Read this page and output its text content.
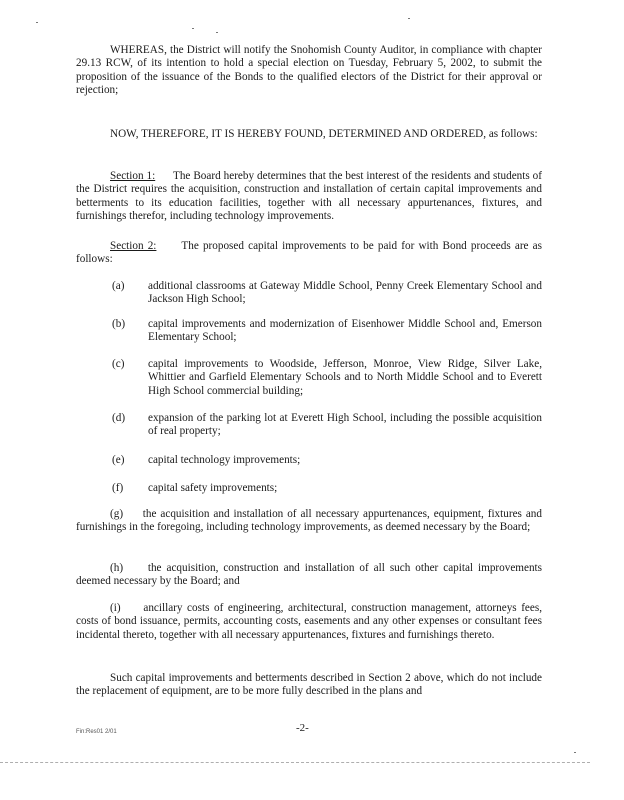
WHEREAS, the District will notify the Snohomish County Auditor, in compliance with chapter 29.13 RCW, of its intention to hold a special election on Tuesday, February 5, 2002, to submit the proposition of the issuance of the Bonds to the qualified electors of the District for their approval or rejection;

NOW, THEREFORE, IT IS HEREBY FOUND, DETERMINED AND ORDERED, as follows:

Section 1: The Board hereby determines that the best interest of the residents and students of the District requires the acquisition, construction and installation of certain capital improvements and betterments to its education facilities, together with all necessary appurtenances, fixtures, and furnishings therefor, including technology improvements.

Section 2: The proposed capital improvements to be paid for with Bond proceeds are as follows:

(a)	additional classrooms at Gateway Middle School, Penny Creek Elementary School and Jackson High School;
(b)	capital improvements and modernization of Eisenhower Middle School and, Emerson Elementary School;
(c)	capital improvements to Woodside, Jefferson, Monroe, View Ridge, Silver Lake, Whittier and Garfield Elementary Schools and to North Middle School and to Everett High School commercial building;
(d)	expansion of the parking lot at Everett High School, including the possible acquisition of real property;
(e)	capital technology improvements;
(f)	capital safety improvements;

(g) the acquisition and installation of all necessary appurtenances, equipment, fixtures and furnishings in the foregoing, including technology improvements, as deemed necessary by the Board;

(h) the acquisition, construction and installation of all such other capital improvements deemed necessary by the Board; and

(i) ancillary costs of engineering, architectural, construction management, attorneys fees, costs of bond issuance, permits, accounting costs, easements and any other expenses or consultant fees incidental thereto, together with all necessary appurtenances, fixtures and furnishings thereto.

Such capital improvements and betterments described in Section 2 above, which do not include the replacement of equipment, are to be more fully described in the plans and

Fin:Res01 2/01	-2-
